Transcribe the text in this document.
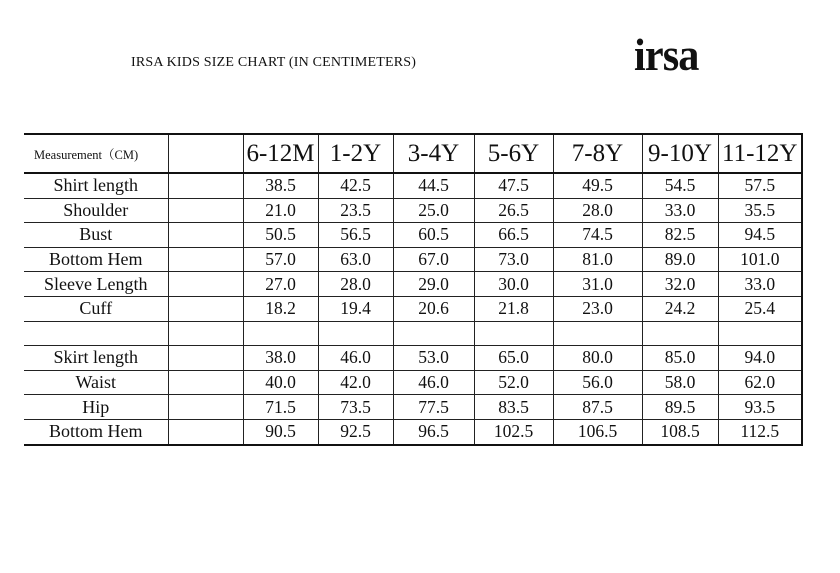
IRSA KIDS SIZE CHART (IN CENTIMETERS)	irsa
Measurement（CM)		6-12M	1-2Y	3-4Y	5-6Y	7-8Y	9-10Y	11-12Y
Shirt length		38.5	42.5	44.5	47.5	49.5	54.5	57.5
Shoulder		21.0	23.5	25.0	26.5	28.0	33.0	35.5
Bust		50.5	56.5	60.5	66.5	74.5	82.5	94.5
Bottom Hem		57.0	63.0	67.0	73.0	81.0	89.0	101.0
Sleeve Length		27.0	28.0	29.0	30.0	31.0	32.0	33.0
Cuff		18.2	19.4	20.6	21.8	23.0	24.2	25.4

Skirt length		38.0	46.0	53.0	65.0	80.0	85.0	94.0
Waist		40.0	42.0	46.0	52.0	56.0	58.0	62.0
Hip		71.5	73.5	77.5	83.5	87.5	89.5	93.5
Bottom Hem		90.5	92.5	96.5	102.5	106.5	108.5	112.5
